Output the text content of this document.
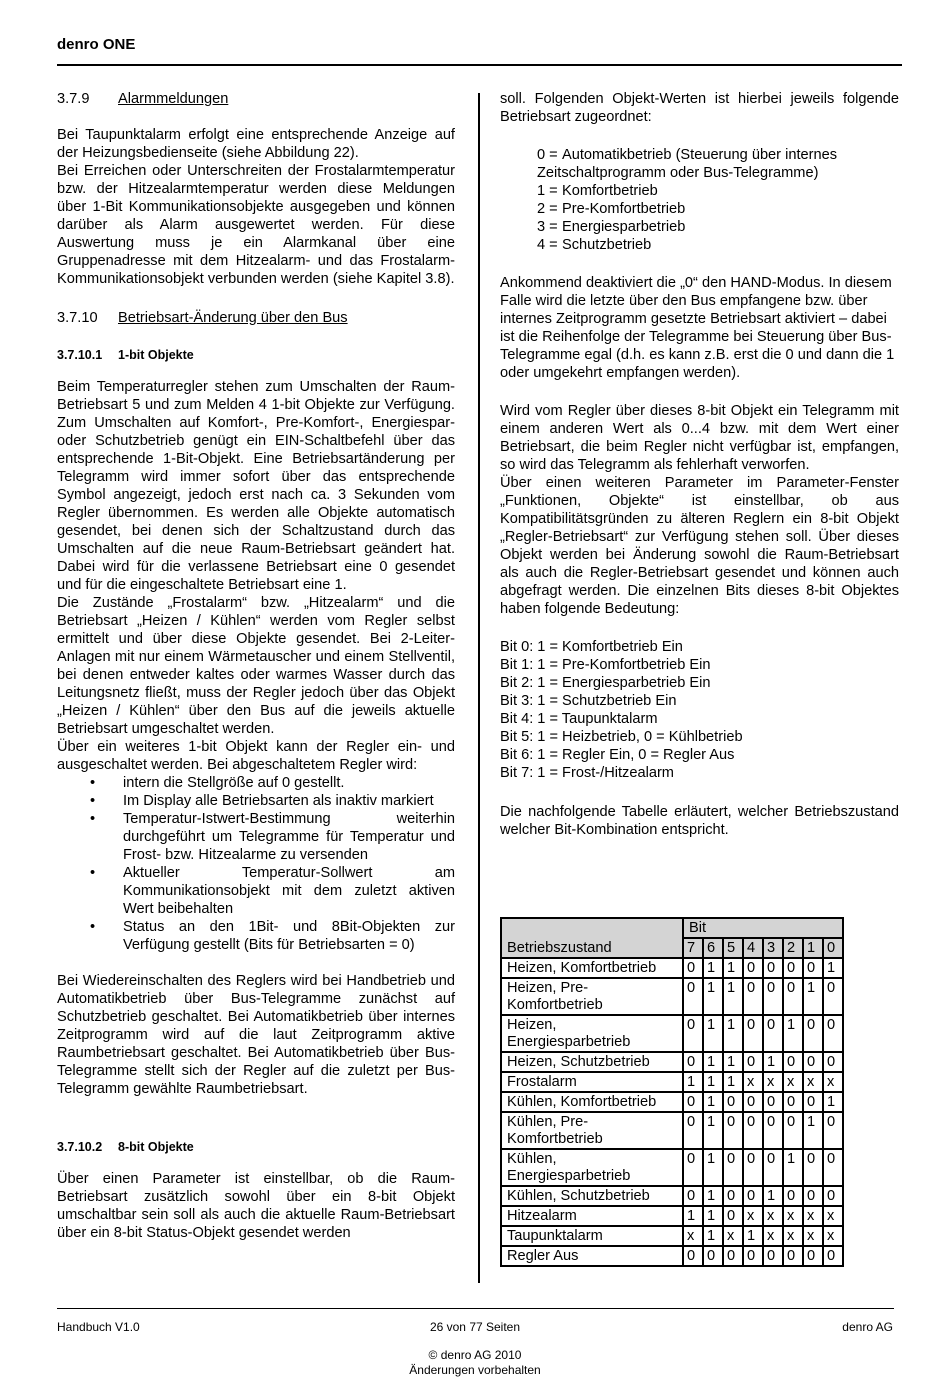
denro ONE

3.7.9 Alarmmeldungen

Bei Taupunktalarm erfolgt eine entsprechende Anzeige auf der Heizungsbedienseite (siehe Abbildung 22).

Bei Erreichen oder Unterschreiten der Frostalarmtemperatur bzw. der Hitzealarmtemperatur werden diese Meldungen über 1-Bit Kommunikationsobjekte ausgegeben und können darüber als Alarm ausgewertet werden. Für diese Auswertung muss je ein Alarmkanal über eine Gruppenadresse mit dem Hitzealarm- und das Frostalarm-Kommunikationsobjekt verbunden werden (siehe Kapitel 3.8).

3.7.10 Betriebsart-Änderung über den Bus

3.7.10.1 1-bit Objekte

Beim Temperaturregler stehen zum Umschalten der Raum-Betriebsart 5 und zum Melden 4 1-bit Objekte zur Verfügung. Zum Umschalten auf Komfort-, Pre-Komfort-, Energiespar- oder Schutzbetrieb genügt ein EIN-Schaltbefehl über das entsprechende 1-Bit-Objekt. Eine Betriebsartänderung per Telegramm wird immer sofort über das entsprechende Symbol angezeigt, jedoch erst nach ca. 3 Sekunden vom Regler übernommen. Es werden alle Objekte automatisch gesendet, bei denen sich der Schaltzustand durch das Umschalten auf die neue Raum-Betriebsart geändert hat. Dabei wird für die verlassene Betriebsart eine 0 gesendet und für die eingeschaltete Betriebsart eine 1.

Die Zustände „Frostalarm“ bzw. „Hitzealarm“ und die Betriebsart „Heizen / Kühlen“ werden vom Regler selbst ermittelt und über diese Objekte gesendet. Bei 2-Leiter-Anlagen mit nur einem Wärmetauscher und einem Stellventil, bei denen entweder kaltes oder warmes Wasser durch das Leitungsnetz fließt, muss der Regler jedoch über das Objekt „Heizen / Kühlen“ über den Bus auf die jeweils aktuelle Betriebsart umgeschaltet werden.

Über ein weiteres 1-bit Objekt kann der Regler ein- und ausgeschaltet werden. Bei abgeschaltetem Regler wird:

• intern die Stellgröße auf 0 gestellt.
• Im Display alle Betriebsarten als inaktiv markiert
• Temperatur-Istwert-Bestimmung weiterhin durchgeführt um Telegramme für Temperatur und Frost- bzw. Hitzealarme zu versenden
• Aktueller Temperatur-Sollwert am Kommunikationsobjekt mit dem zuletzt aktiven Wert beibehalten
• Status an den 1Bit- und 8Bit-Objekten zur Verfügung gestellt (Bits für Betriebsarten = 0)

Bei Wiedereinschalten des Reglers wird bei Handbetrieb und Automatikbetrieb über Bus-Telegramme zunächst auf Schutzbetrieb geschaltet. Bei Automatikbetrieb über internes Zeitprogramm wird auf die laut Zeitprogramm aktive Raumbetriebsart geschaltet. Bei Automatikbetrieb über Bus-Telegramme stellt sich der Regler auf die zuletzt per Bus-Telegramm gewählte Raumbetriebsart.

3.7.10.2 8-bit Objekte

Über einen Parameter ist einstellbar, ob die Raum-Betriebsart zusätzlich sowohl über ein 8-bit Objekt umschaltbar sein soll als auch die aktuelle Raum-Betriebsart über ein 8-bit Status-Objekt gesendet werden

soll. Folgenden Objekt-Werten ist hierbei jeweils folgende Betriebsart zugeordnet:

0 = Automatikbetrieb (Steuerung über internes Zeitschaltprogramm oder Bus-Telegramme)

1 = Komfortbetrieb

2 = Pre-Komfortbetrieb

3 = Energiesparbetrieb

4 = Schutzbetrieb

Ankommend deaktiviert die „0“ den HAND-Modus. In diesem Falle wird die letzte über den Bus empfangene bzw. über internes Zeitprogramm gesetzte Betriebsart aktiviert – dabei ist die Reihenfolge der Telegramme bei Steuerung über Bus-Telegramme egal (d.h. es kann z.B. erst die 0 und dann die 1 oder umgekehrt empfangen werden).

Wird vom Regler über dieses 8-bit Objekt ein Telegramm mit einem anderen Wert als 0...4 bzw. mit dem Wert einer Betriebsart, die beim Regler nicht verfügbar ist, empfangen, so wird das Telegramm als fehlerhaft verworfen.

Über einen weiteren Parameter im Parameter-Fenster „Funktionen, Objekte“ ist einstellbar, ob aus Kompatibilitätsgründen zu älteren Reglern ein 8-bit Objekt „Regler-Betriebsart“ zur Verfügung stehen soll. Über dieses Objekt werden bei Änderung sowohl die Raum-Betriebsart als auch die Regler-Betriebsart gesendet und können auch abgefragt werden. Die einzelnen Bits dieses 8-bit Objektes haben folgende Bedeutung:

Bit 0: 1 = Komfortbetrieb Ein
Bit 1: 1 = Pre-Komfortbetrieb Ein
Bit 2: 1 = Energiesparbetrieb Ein
Bit 3: 1 = Schutzbetrieb Ein
Bit 4: 1 = Taupunktalarm
Bit 5: 1 = Heizbetrieb, 0 = Kühlbetrieb
Bit 6: 1 = Regler Ein, 0 = Regler Aus
Bit 7: 1 = Frost-/Hitzealarm

Die nachfolgende Tabelle erläutert, welcher Betriebszustand welcher Bit-Kombination entspricht.

Betriebszustand	Bit							
	7	6	5	4	3	2	1	0
Heizen, Komfortbetrieb	0	1	1	0	0	0	0	1
Heizen, Pre-Komfortbetrieb	0	1	1	0	0	0	1	0
Heizen, Energiesparbetrieb	0	1	1	0	0	1	0	0
Heizen, Schutzbetrieb	0	1	1	0	1	0	0	0
Frostalarm	1	1	1	x	x	x	x	x
Kühlen, Komfortbetrieb	0	1	0	0	0	0	0	1
Kühlen, Pre-Komfortbetrieb	0	1	0	0	0	0	1	0
Kühlen, Energiesparbetrieb	0	1	0	0	0	1	0	0
Kühlen, Schutzbetrieb	0	1	0	0	1	0	0	0
Hitzealarm	1	1	0	x	x	x	x	x
Taupunktalarm	x	1	x	1	x	x	x	x
Regler Aus	0	0	0	0	0	0	0	0
Handbuch V1.0	26 von 77 Seiten	denro AG
© denro AG 2010
Änderungen vorbehalten
